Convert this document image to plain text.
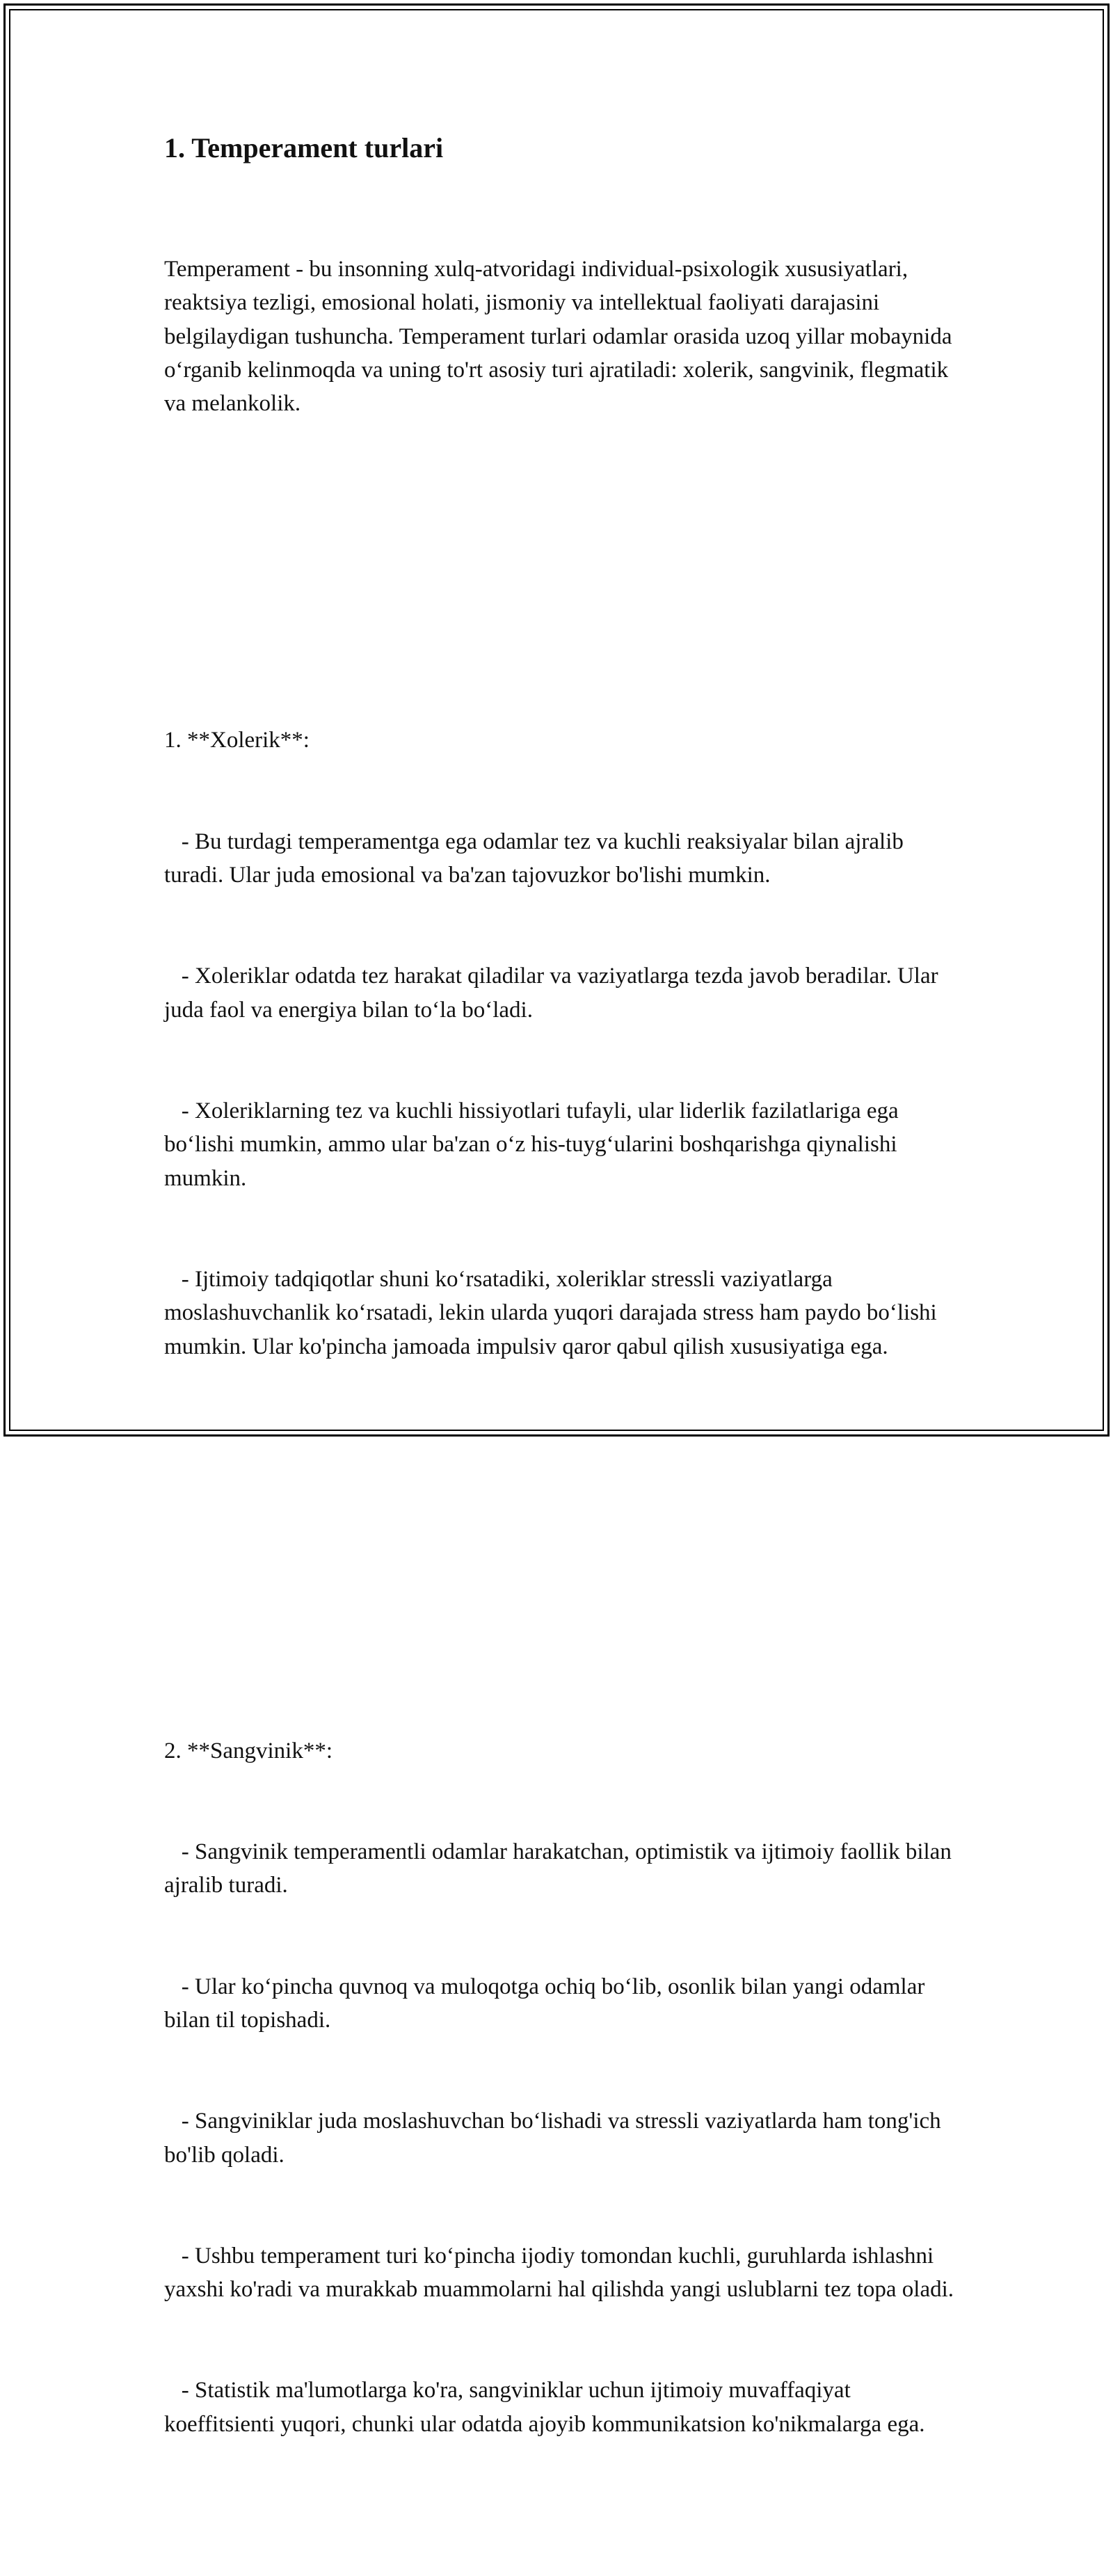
1. Temperament turlari

Temperament - bu insonning xulq-atvoridagi individual-psixologik xususiyatlari, reaktsiya tezligi, emosional holati, jismoniy va intellektual faoliyati darajasini belgilaydigan tushuncha. Temperament turlari odamlar orasida uzoq yillar mobaynida oʻrganib kelinmoqda va uning to'rt asosiy turi ajratiladi: xolerik, sangvinik, flegmatik va melankolik.

1. **Xolerik**:

- Bu turdagi temperamentga ega odamlar tez va kuchli reaksiyalar bilan ajralib turadi. Ular juda emosional va ba'zan tajovuzkor bo'lishi mumkin.

- Xoleriklar odatda tez harakat qiladilar va vaziyatlarga tezda javob beradilar. Ular juda faol va energiya bilan toʻla boʻladi.

- Xoleriklarning tez va kuchli hissiyotlari tufayli, ular liderlik fazilatlariga ega boʻlishi mumkin, ammo ular ba'zan oʻz his-tuygʻularini boshqarishga qiynalishi mumkin.

- Ijtimoiy tadqiqotlar shuni koʻrsatadiki, xoleriklar stressli vaziyatlarga moslashuvchanlik koʻrsatadi, lekin ularda yuqori darajada stress ham paydo boʻlishi mumkin. Ular ko'pincha jamoada impulsiv qaror qabul qilish xususiyatiga ega.

2. **Sangvinik**:

- Sangvinik temperamentli odamlar harakatchan, optimistik va ijtimoiy faollik bilan ajralib turadi.

- Ular koʻpincha quvnoq va muloqotga ochiq boʻlib, osonlik bilan yangi odamlar bilan til topishadi.

- Sangviniklar juda moslashuvchan boʻlishadi va stressli vaziyatlarda ham tong'ich bo'lib qoladi.

- Ushbu temperament turi koʻpincha ijodiy tomondan kuchli, guruhlarda ishlashni yaxshi ko'radi va murakkab muammolarni hal qilishda yangi uslublarni tez topa oladi.

- Statistik ma'lumotlarga ko'ra, sangviniklar uchun ijtimoiy muvaffaqiyat koeffitsienti yuqori, chunki ular odatda ajoyib kommunikatsion ko'nikmalarga ega.
